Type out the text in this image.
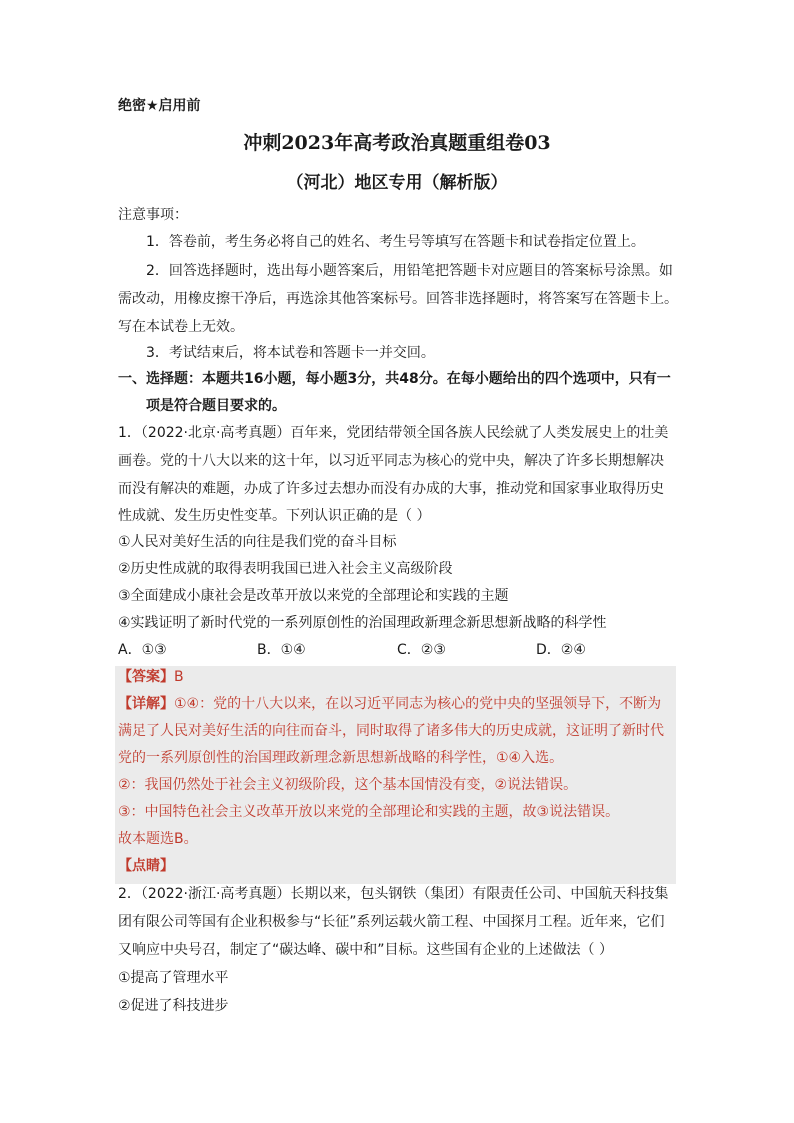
绝密★启用前
冲刺2023年高考政治真题重组卷03
（河北）地区专用（解析版）
注意事项：
1．答卷前，考生务必将自己的姓名、考生号等填写在答题卡和试卷指定位置上。
2．回答选择题时，选出每小题答案后，用铅笔把答题卡对应题目的答案标号涂黑。如
需改动，用橡皮擦干净后，再选涂其他答案标号。回答非选择题时，将答案写在答题卡上。
写在本试卷上无效。
3．考试结束后，将本试卷和答题卡一并交回。
一、选择题：本题共16小题，每小题3分，共48分。在每小题给出的四个选项中，只有一
项是符合题目要求的。
1．（2022·北京·高考真题）百年来，党团结带领全国各族人民绘就了人类发展史上的壮美
画卷。党的十八大以来的这十年，以习近平同志为核心的党中央，解决了许多长期想解决
而没有解决的难题，办成了许多过去想办而没有办成的大事，推动党和国家事业取得历史
性成就、发生历史性变革。下列认识正确的是（ ）
①人民对美好生活的向往是我们党的奋斗目标
②历史性成就的取得表明我国已进入社会主义高级阶段
③全面建成小康社会是改革开放以来党的全部理论和实践的主题
④实践证明了新时代党的一系列原创性的治国理政新理念新思想新战略的科学性
A．①③	B．①④	C．②③	D．②④
【答案】B
【详解】①④：党的十八大以来，在以习近平同志为核心的党中央的坚强领导下，不断为
满足了人民对美好生活的向往而奋斗，同时取得了诸多伟大的历史成就，这证明了新时代
党的一系列原创性的治国理政新理念新思想新战略的科学性，①④入选。
②：我国仍然处于社会主义初级阶段，这个基本国情没有变，②说法错误。
③：中国特色社会主义改革开放以来党的全部理论和实践的主题，故③说法错误。
故本题选B。
【点睛】
2．（2022·浙江·高考真题）长期以来，包头钢铁（集团）有限责任公司、中国航天科技集
团有限公司等国有企业积极参与“长征”系列运载火箭工程、中国探月工程。近年来，它们
又响应中央号召，制定了“碳达峰、碳中和”目标。这些国有企业的上述做法（ ）
①提高了管理水平
②促进了科技进步
